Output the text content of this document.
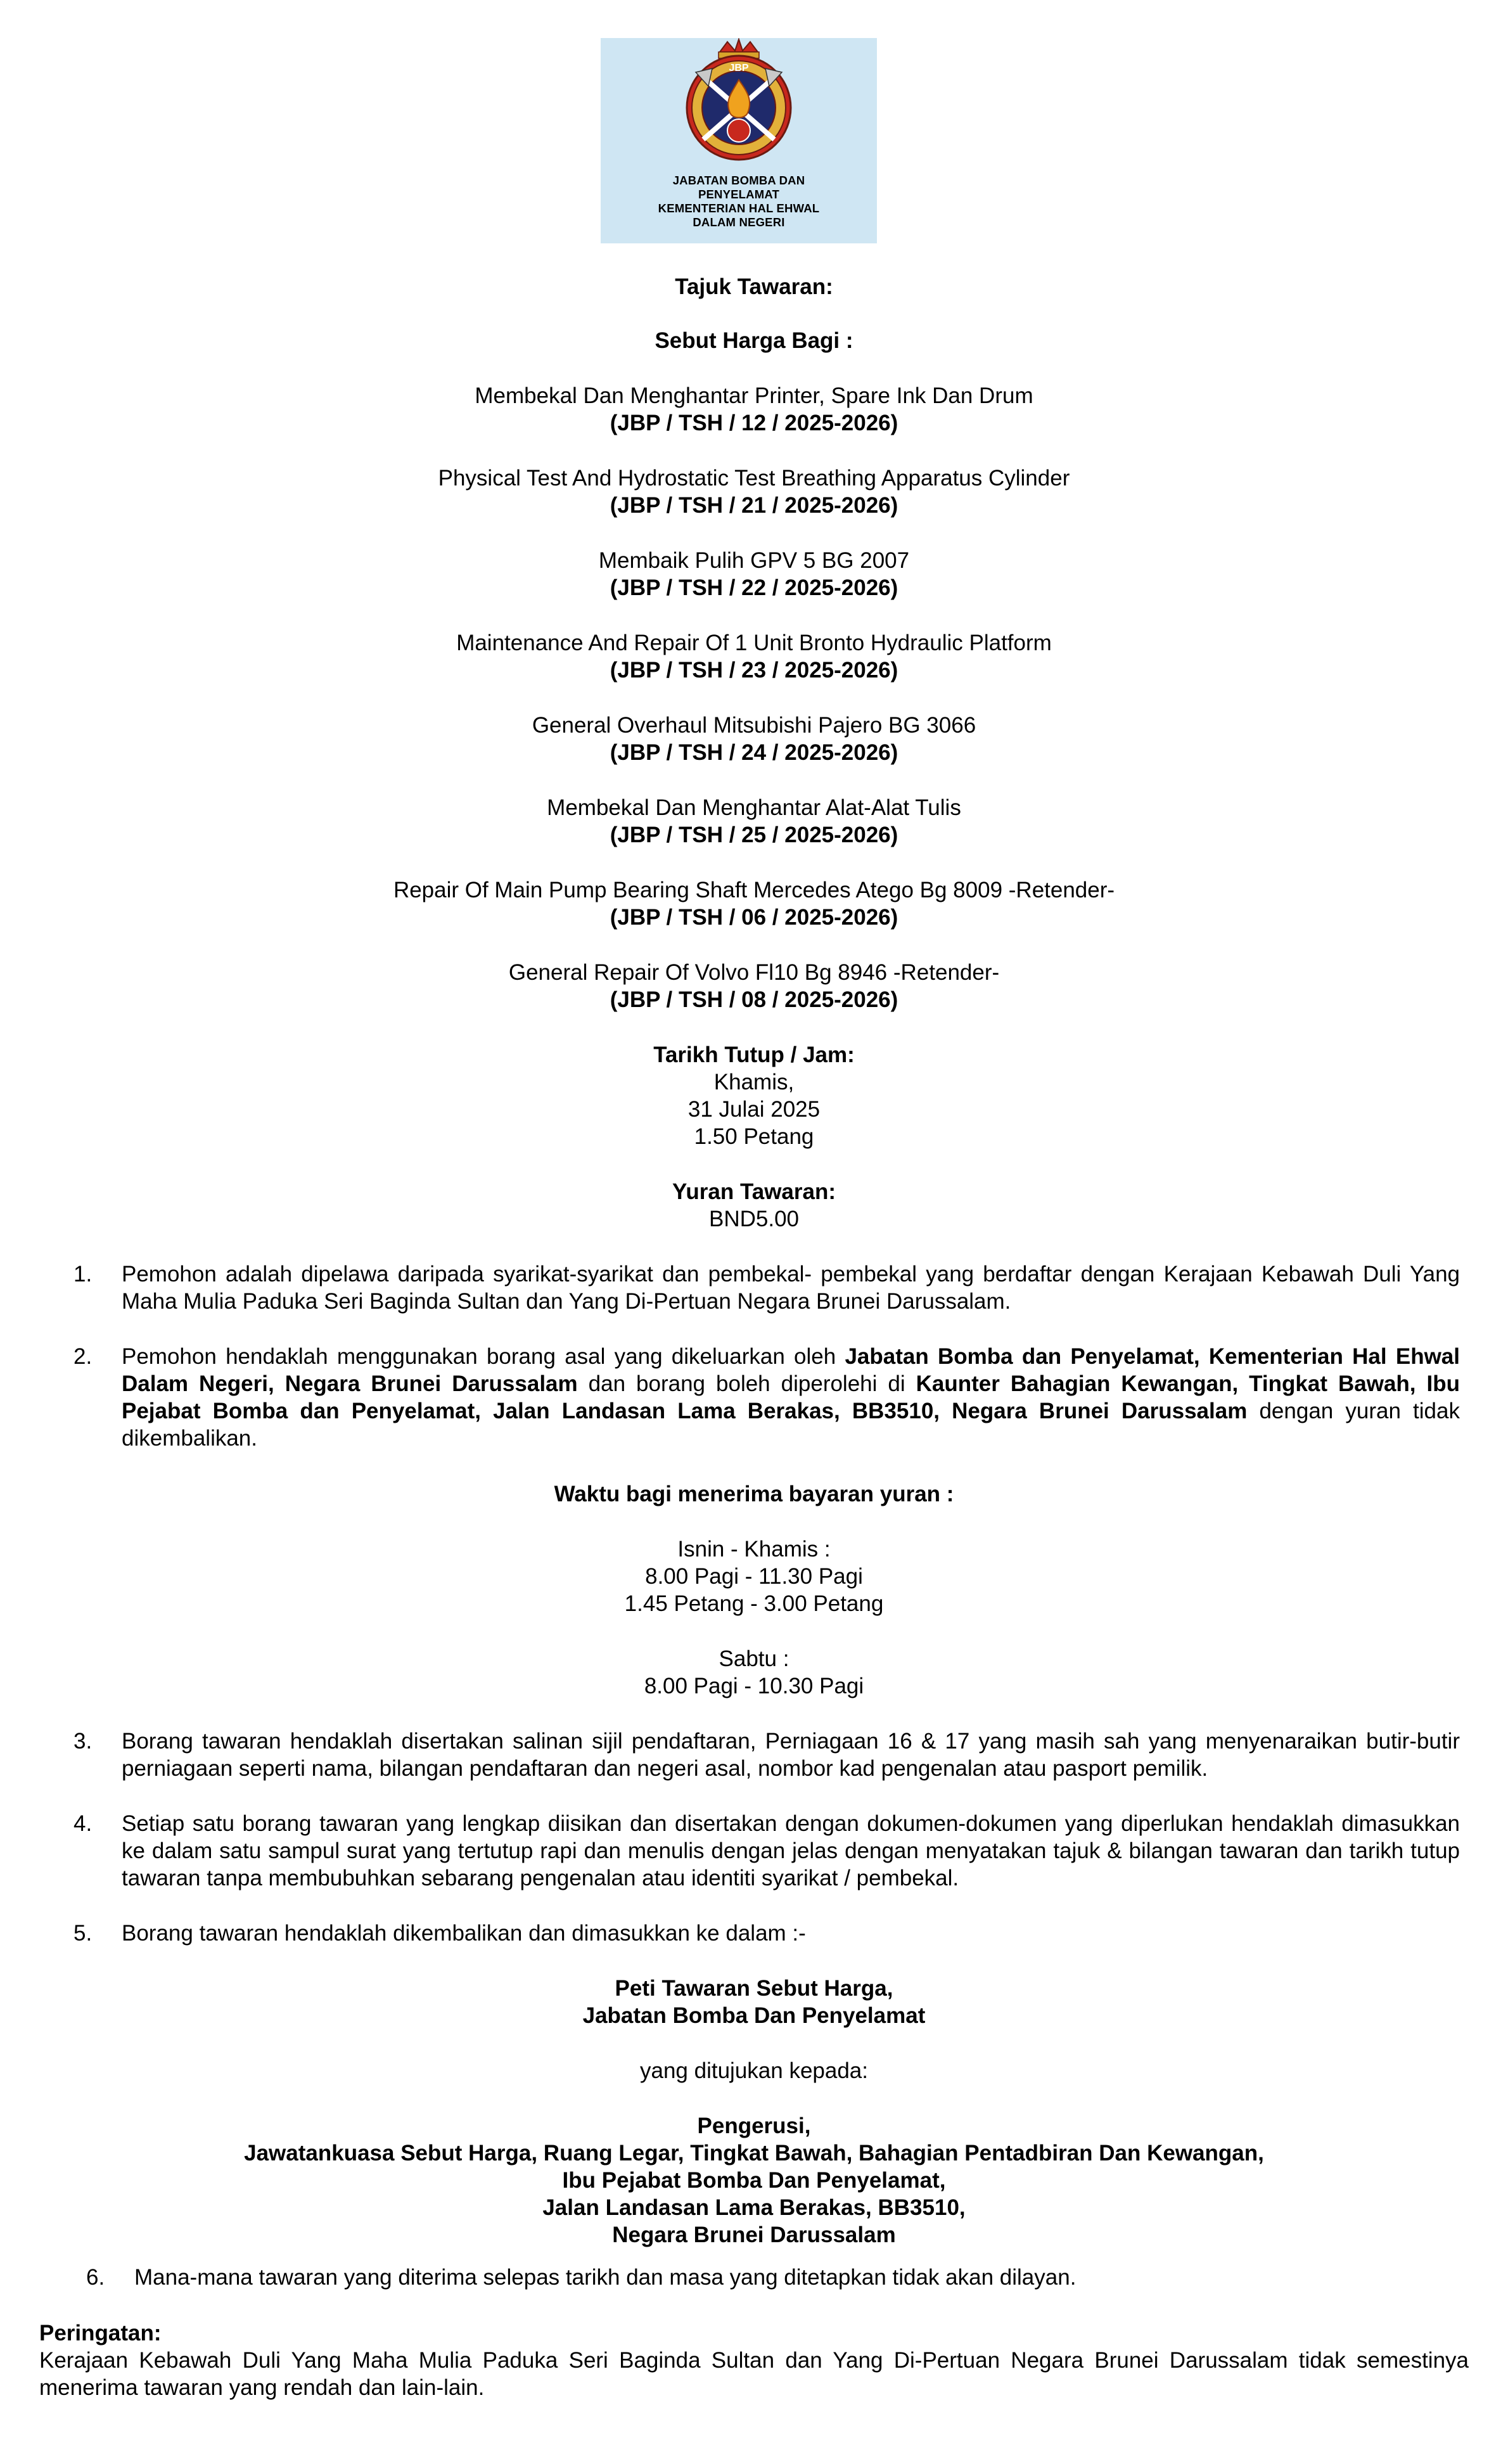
JBP
JABATAN BOMBA DAN
PENYELAMAT
KEMENTERIAN HAL EHWAL
DALAM NEGERI
Tajuk Tawaran:
Sebut Harga Bagi :
Membekal Dan Menghantar Printer, Spare Ink Dan Drum
(JBP / TSH / 12 / 2025-2026)
Physical Test And Hydrostatic Test Breathing Apparatus Cylinder
(JBP / TSH / 21 / 2025-2026)
Membaik Pulih GPV 5 BG 2007
(JBP / TSH / 22 / 2025-2026)
Maintenance And Repair Of 1 Unit Bronto Hydraulic Platform
(JBP / TSH / 23 / 2025-2026)
General Overhaul Mitsubishi Pajero BG 3066
(JBP / TSH / 24 / 2025-2026)
Membekal Dan Menghantar Alat-Alat Tulis
(JBP / TSH / 25 / 2025-2026)
Repair Of Main Pump Bearing Shaft Mercedes Atego Bg 8009 -Retender-
(JBP / TSH / 06 / 2025-2026)
General Repair Of Volvo Fl10 Bg 8946 -Retender-
(JBP / TSH / 08 / 2025-2026)
Tarikh Tutup / Jam:
Khamis,
31 Julai 2025
1.50 Petang
Yuran Tawaran:
BND5.00
1. Pemohon adalah dipelawa daripada syarikat-syarikat dan pembekal- pembekal yang berdaftar dengan Kerajaan Kebawah Duli Yang Maha Mulia Paduka Seri Baginda Sultan dan Yang Di-Pertuan Negara Brunei Darussalam.
2. Pemohon hendaklah menggunakan borang asal yang dikeluarkan oleh Jabatan Bomba dan Penyelamat, Kementerian Hal Ehwal Dalam Negeri, Negara Brunei Darussalam dan borang boleh diperolehi di Kaunter Bahagian Kewangan, Tingkat Bawah, Ibu Pejabat Bomba dan Penyelamat, Jalan Landasan Lama Berakas, BB3510, Negara Brunei Darussalam dengan yuran tidak dikembalikan.
Waktu bagi menerima bayaran yuran :
Isnin - Khamis :
8.00 Pagi - 11.30 Pagi
1.45 Petang - 3.00 Petang
Sabtu :
8.00 Pagi - 10.30 Pagi
3. Borang tawaran hendaklah disertakan salinan sijil pendaftaran, Perniagaan 16 & 17 yang masih sah yang menyenaraikan butir-butir perniagaan seperti nama, bilangan pendaftaran dan negeri asal, nombor kad pengenalan atau pasport pemilik.
4. Setiap satu borang tawaran yang lengkap diisikan dan disertakan dengan dokumen-dokumen yang diperlukan hendaklah dimasukkan ke dalam satu sampul surat yang tertutup rapi dan menulis dengan jelas dengan menyatakan tajuk & bilangan tawaran dan tarikh tutup tawaran tanpa membubuhkan sebarang pengenalan atau identiti syarikat / pembekal.
5. Borang tawaran hendaklah dikembalikan dan dimasukkan ke dalam :-
Peti Tawaran Sebut Harga,
Jabatan Bomba Dan Penyelamat
yang ditujukan kepada:
Pengerusi,
Jawatankuasa Sebut Harga, Ruang Legar, Tingkat Bawah, Bahagian Pentadbiran Dan Kewangan,
Ibu Pejabat Bomba Dan Penyelamat,
Jalan Landasan Lama Berakas, BB3510,
Negara Brunei Darussalam
6. Mana-mana tawaran yang diterima selepas tarikh dan masa yang ditetapkan tidak akan dilayan.
Peringatan:
Kerajaan Kebawah Duli Yang Maha Mulia Paduka Seri Baginda Sultan dan Yang Di-Pertuan Negara Brunei Darussalam tidak semestinya menerima tawaran yang rendah dan lain-lain.
